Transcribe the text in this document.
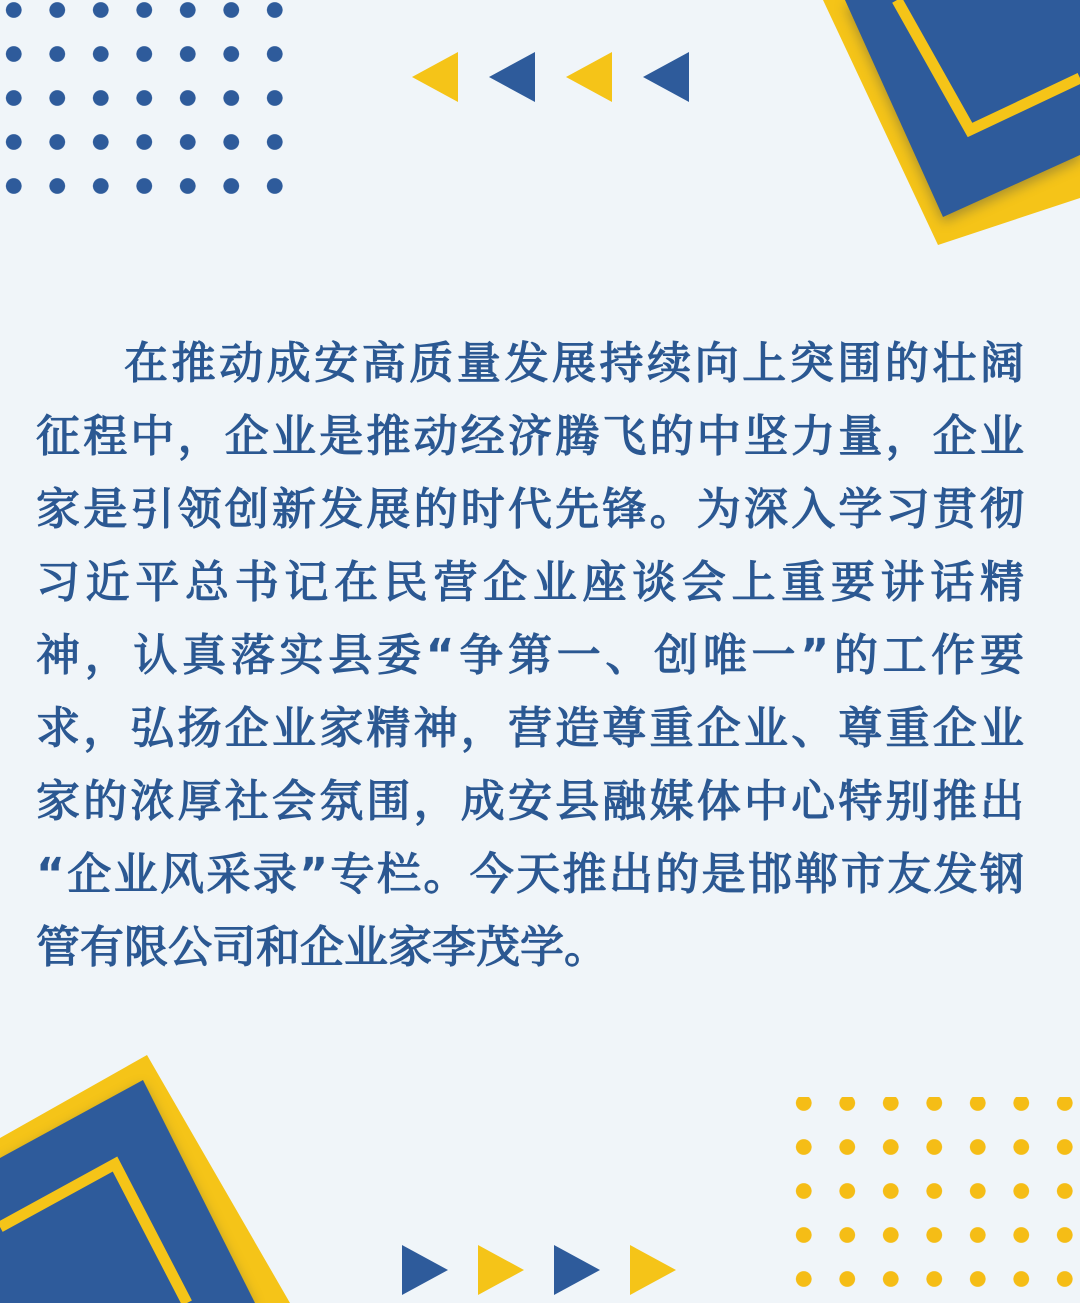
在推动成安高质量发展持续向上突围的壮阔

征程中，企业是推动经济腾飞的中坚力量，企业

家是引领创新发展的时代先锋。为深入学习贯彻

习近平总书记在民营企业座谈会上重要讲话精

神，认真落实县委“争第一、创唯一”的工作要

求，弘扬企业家精神，营造尊重企业、尊重企业

家的浓厚社会氛围，成安县融媒体中心特别推出

“企业风采录”专栏。今天推出的是邯郸市友发钢

管有限公司和企业家李茂学。
